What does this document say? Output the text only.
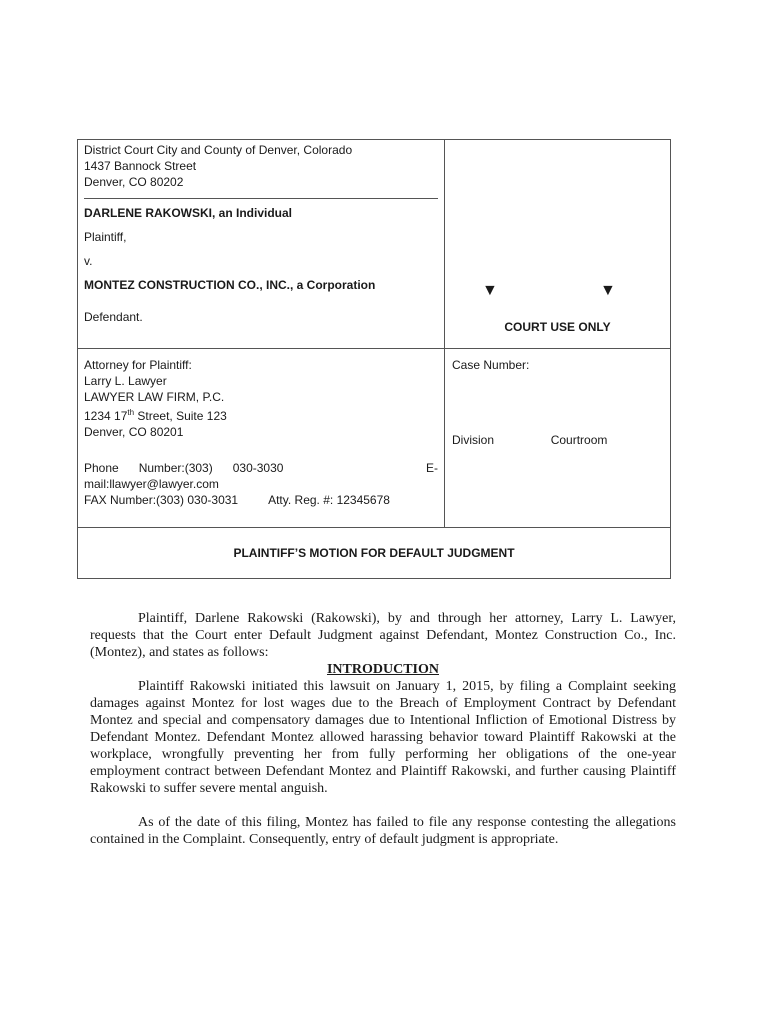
District Court City and County of Denver, Colorado
1437 Bannock Street
Denver, CO 80202
DARLENE RAKOWSKI, an Individual
Plaintiff,
v.
MONTEZ CONSTRUCTION CO., INC., a Corporation
Defendant.
▼	▼
COURT USE ONLY
Attorney for Plaintiff:
Larry L. Lawyer
LAWYER LAW FIRM, P.C.
1234 17th Street, Suite 123
Denver, CO 80201
Phone      Number:(303)      030-3030	E-
mail:llawyer@lawyer.com
FAX Number:(303) 030-3031	Atty. Reg. #: 12345678
Case Number:
Division	Courtroom
PLAINTIFF’S MOTION FOR DEFAULT JUDGMENT

Plaintiff, Darlene Rakowski (Rakowski), by and through her attorney, Larry L. Lawyer, requests that the Court enter Default Judgment against Defendant, Montez Construction Co., Inc. (Montez), and states as follows:

INTRODUCTION

Plaintiff Rakowski initiated this lawsuit on January 1, 2015, by filing a Complaint seeking damages against Montez for lost wages due to the Breach of Employment Contract by Defendant Montez and special and compensatory damages due to Intentional Infliction of Emotional Distress by Defendant Montez. Defendant Montez allowed harassing behavior toward Plaintiff Rakowski at the workplace, wrongfully preventing her from fully performing her obligations of the one-year employment contract between Defendant Montez and Plaintiff Rakowski, and further causing Plaintiff Rakowski to suffer severe mental anguish.

As of the date of this filing, Montez has failed to file any response contesting the allegations contained in the Complaint. Consequently, entry of default judgment is appropriate.
